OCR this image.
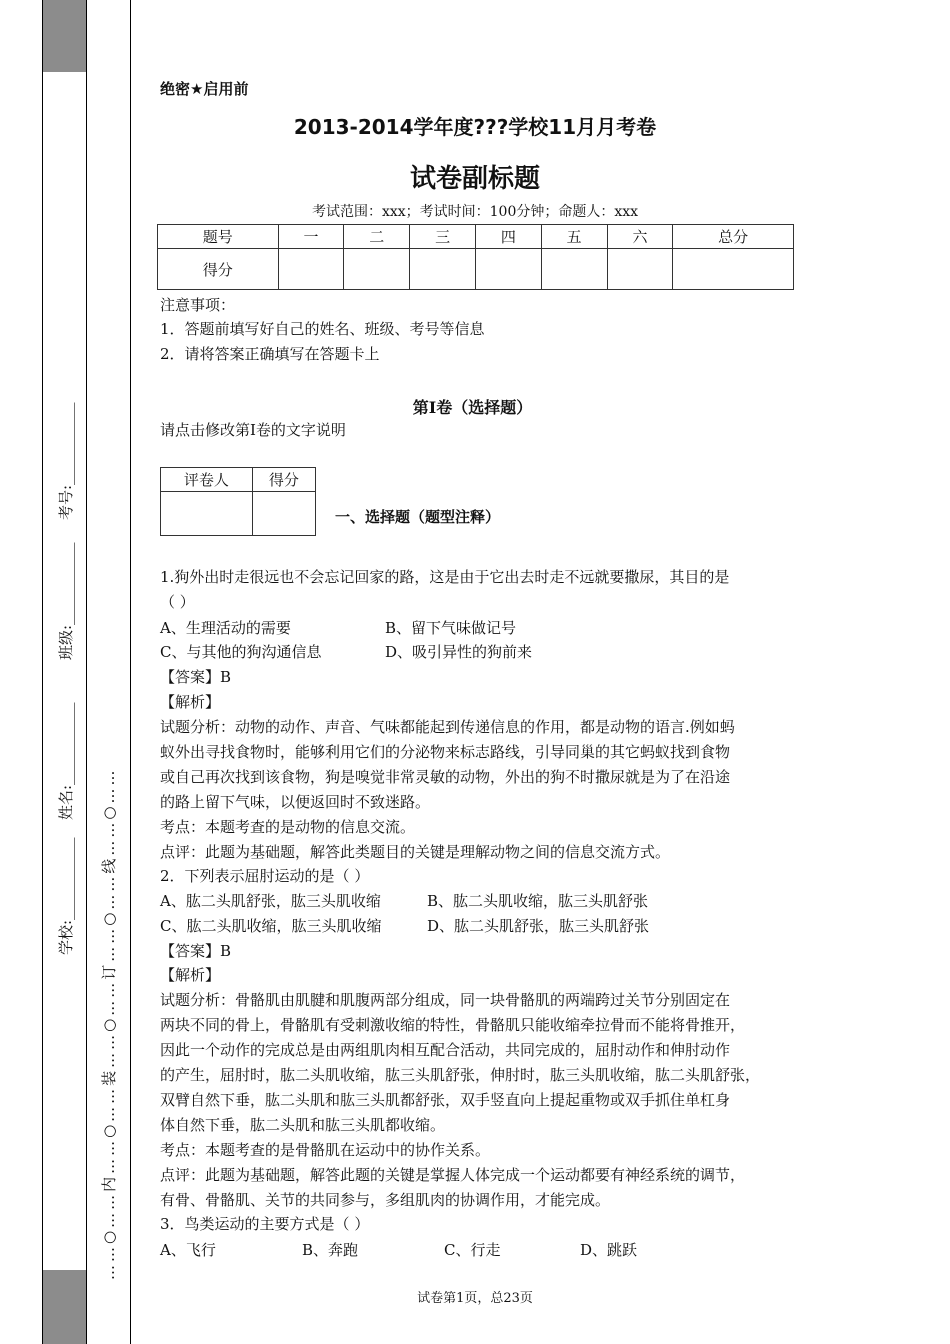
……○……内……○……装……○……订……○……线……○……
学校:___________
姓名:___________
班级:___________
考号:___________
绝密★启用前
2013-2014学年度???学校11月月考卷
试卷副标题
考试范围：xxx；考试时间：100分钟；命题人：xxx
题号	一	二	三	四	五	六	总分
得分							
注意事项：
1．答题前填写好自己的姓名、班级、考号等信息
2．请将答案正确填写在答题卡上
第I卷（选择题）
请点击修改第I卷的文字说明
评卷人	得分

一、选择题（题型注释）
1.狗外出时走很远也不会忘记回家的路，这是由于它出去时走不远就要撒尿，其目的是
（ ）
A、生理活动的需要	B、留下气味做记号
C、与其他的狗沟通信息	D、吸引异性的狗前来
【答案】B
【解析】
试题分析：动物的动作、声音、气味都能起到传递信息的作用，都是动物的语言.例如蚂
蚁外出寻找食物时，能够利用它们的分泌物来标志路线，引导同巢的其它蚂蚁找到食物
或自己再次找到该食物，狗是嗅觉非常灵敏的动物，外出的狗不时撒尿就是为了在沿途
的路上留下气味，以便返回时不致迷路。
考点：本题考查的是动物的信息交流。
点评：此题为基础题，解答此类题目的关键是理解动物之间的信息交流方式。
2．下列表示屈肘运动的是（ ）
A、肱二头肌舒张，肱三头肌收缩	B、肱二头肌收缩，肱三头肌舒张
C、肱二头肌收缩，肱三头肌收缩	D、肱二头肌舒张，肱三头肌舒张
【答案】B
【解析】
试题分析：骨骼肌由肌腱和肌腹两部分组成，同一块骨骼肌的两端跨过关节分别固定在
两块不同的骨上，骨骼肌有受刺激收缩的特性，骨骼肌只能收缩牵拉骨而不能将骨推开，
因此一个动作的完成总是由两组肌肉相互配合活动，共同完成的，屈肘动作和伸肘动作
的产生，屈肘时，肱二头肌收缩，肱三头肌舒张，伸肘时，肱三头肌收缩，肱二头肌舒张，
双臂自然下垂，肱二头肌和肱三头肌都舒张，双手竖直向上提起重物或双手抓住单杠身
体自然下垂，肱二头肌和肱三头肌都收缩。
考点：本题考查的是骨骼肌在运动中的协作关系。
点评：此题为基础题，解答此题的关键是掌握人体完成一个运动都要有神经系统的调节，
有骨、骨骼肌、关节的共同参与，多组肌肉的协调作用，才能完成。
3．鸟类运动的主要方式是（ ）
A、飞行	B、奔跑	C、行走	D、跳跃
试卷第1页，总23页
